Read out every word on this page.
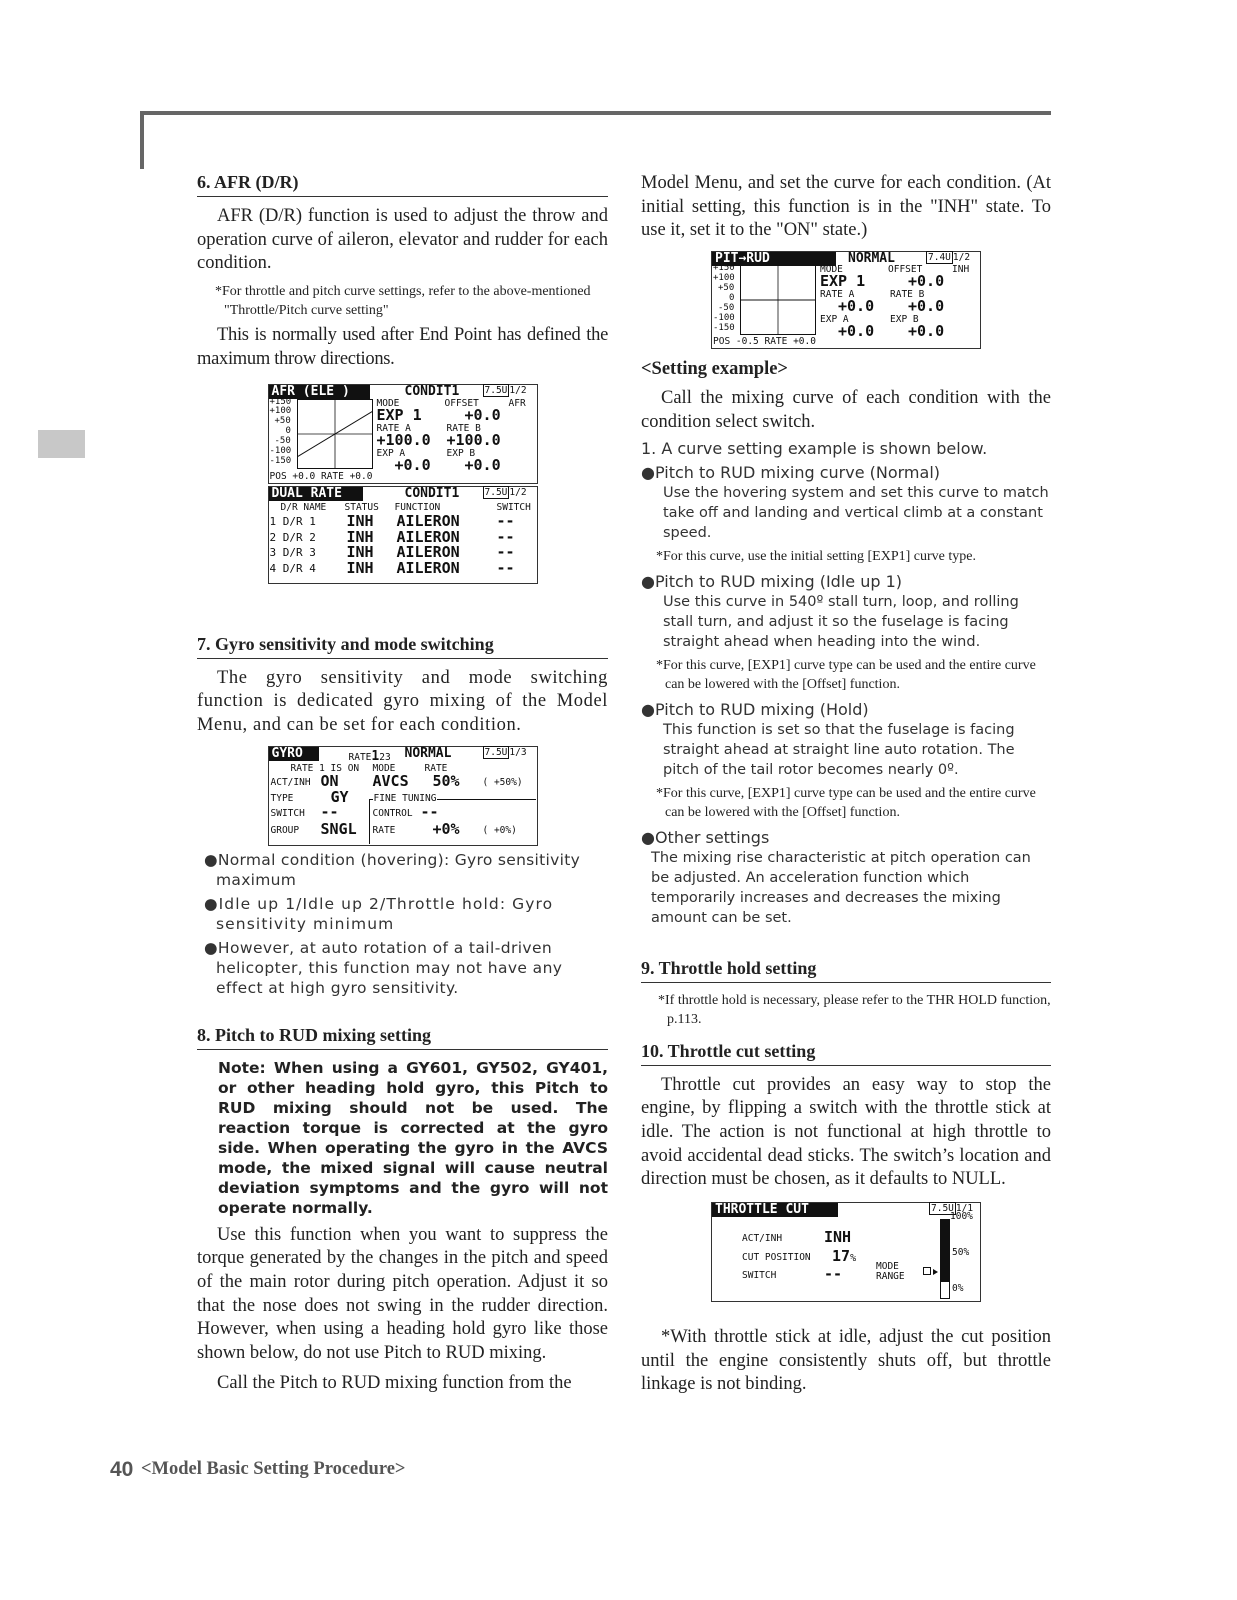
6. AFR (D/R)

AFR (D/R) function is used to adjust the throw and operation curve of aileron, elevator and rudder for each condition.

*For throttle and pitch curve settings, refer to the above-mentioned "Throttle/Pitch curve setting"

This is normally used after End Point has defined the maximum throw directions.

AFR (ELE )	CONDIT1	7.5U 1/2
+150
+100
+50
0
-50
-100
-150
MODE	OFFSET	AFR
EXP 1	+0.0
RATE A	RATE B
+100.0 +100.0
EXP A	EXP B
+0.0 +0.0
POS +0.0 RATE +0.0
DUAL RATE	CONDIT1	7.5U 1/2
D/R NAME STATUS FUNCTION	SWITCH
1 D/R 1 INH AILERON --
2 D/R 2 INH AILERON --
3 D/R 3 INH AILERON --
4 D/R 4 INH AILERON --
7. Gyro sensitivity and mode switching

The gyro sensitivity and mode switching function is dedicated gyro mixing of the Model Menu, and can be set for each condition.

GYRO	RATE123 NORMAL	7.5U 1/3
RATE 1 IS ON MODE	RATE
ACT/INH ON AVCS 50% ( +50%)
TYPE GY	FINE TUNING
SWITCH --	CONTROL --
GROUP SNGL RATE +0% ( +0%)

●Normal condition (hovering): Gyro sensitivity maximum

●Idle up 1/Idle up 2/Throttle hold: Gyro sensitivity minimum

●However, at auto rotation of a tail-driven helicopter, this function may not have any effect at high gyro sensitivity.

8. Pitch to RUD mixing setting

Note: When using a GY601, GY502, GY401, or other heading hold gyro, this Pitch to RUD mixing should not be used. The reaction torque is corrected at the gyro side. When operating the gyro in the AVCS mode, the mixed signal will cause neutral deviation symptoms and the gyro will not operate normally.

Use this function when you want to suppress the torque generated by the changes in the pitch and speed of the main rotor during pitch operation. Adjust it so that the nose does not swing in the rudder direction. However, when using a heading hold gyro like those shown below, do not use Pitch to RUD mixing.

Call the Pitch to RUD mixing function from the

Model Menu, and set the curve for each condition. (At initial setting, this function is in the "INH" state. To use it, set it to the "ON" state.)

PIT→RUD	NORMAL	7.4U 1/2
+150
+100
+50
0
-50
-100
-150
MODE	OFFSET	INH
EXP 1	+0.0
RATE A	RATE B
+0.0 +0.0
EXP A	EXP B
+0.0 +0.0
POS -0.5 RATE +0.0
<Setting example>

Call the mixing curve of each condition with the condition select switch.

1. A curve setting example is shown below.

●Pitch to RUD mixing curve (Normal)

Use the hovering system and set this curve to match take off and landing and vertical climb at a constant speed.

*For this curve, use the initial setting [EXP1] curve type.

●Pitch to RUD mixing (Idle up 1)

Use this curve in 540º stall turn, loop, and rolling stall turn, and adjust it so the fuselage is facing straight ahead when heading into the wind.

*For this curve, [EXP1] curve type can be used and the entire curve can be lowered with the [Offset] function.

●Pitch to RUD mixing (Hold)

This function is set so that the fuselage is facing straight ahead at straight line auto rotation. The pitch of the tail rotor becomes nearly 0º.

*For this curve, [EXP1] curve type can be used and the entire curve can be lowered with the [Offset] function.

●Other settings

The mixing rise characteristic at pitch operation can be adjusted. An acceleration function which temporarily increases and decreases the mixing amount can be set.

9. Throttle hold setting

*If throttle hold is necessary, please refer to the THR HOLD function, p.113.

10. Throttle cut setting

Throttle cut provides an easy way to stop the engine, by flipping a switch with the throttle stick at idle. The action is not functional at high throttle to avoid accidental dead sticks. The switch’s location and direction must be chosen, as it defaults to NULL.

THROTTLE CUT	7.5U 1/1
ACT/INH	INH
CUT POSITION 17%
SWITCH	--	MODE
RANGE
100%
50%
0%

*With throttle stick at idle, adjust the cut position until the engine consistently shuts off, but throttle linkage is not binding.

40 <Model Basic Setting Procedure>
